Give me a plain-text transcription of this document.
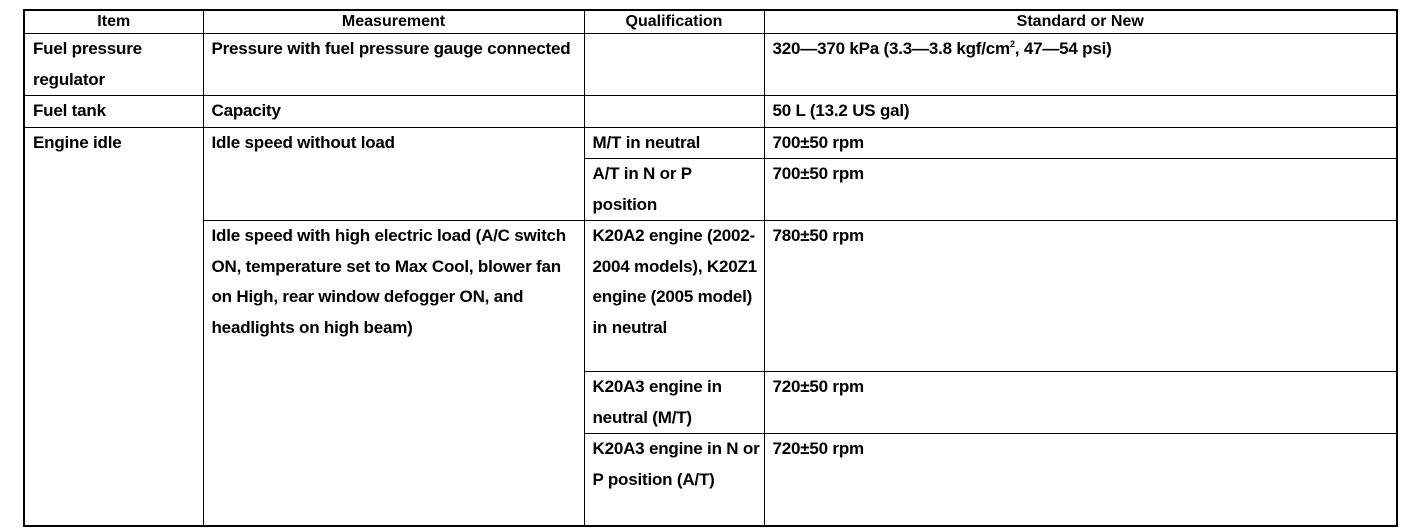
Item	Measurement	Qualification	Standard or New
Fuel pressure regulator	Pressure with fuel pressure gauge connected		320—370 kPa (3.3—3.8 kgf/$cm^2$, 47—54 psi)
Fuel tank	Capacity		50 L (13.2 US gal)
Engine idle	Idle speed without load	M/T in neutral	700±50 rpm
		A/T in N or P position	700±50 rpm
	Idle speed with high electric load (A/C switch ON, temperature set to Max Cool, blower fan on High, rear window defogger ON, and headlights on high beam)	K20A2 engine (2002-2004 models), K20Z1 engine (2005 model) in neutral	780±50 rpm
		K20A3 engine in neutral (M/T)	720±50 rpm
		K20A3 engine in N or P position (A/T)	720±50 rpm
